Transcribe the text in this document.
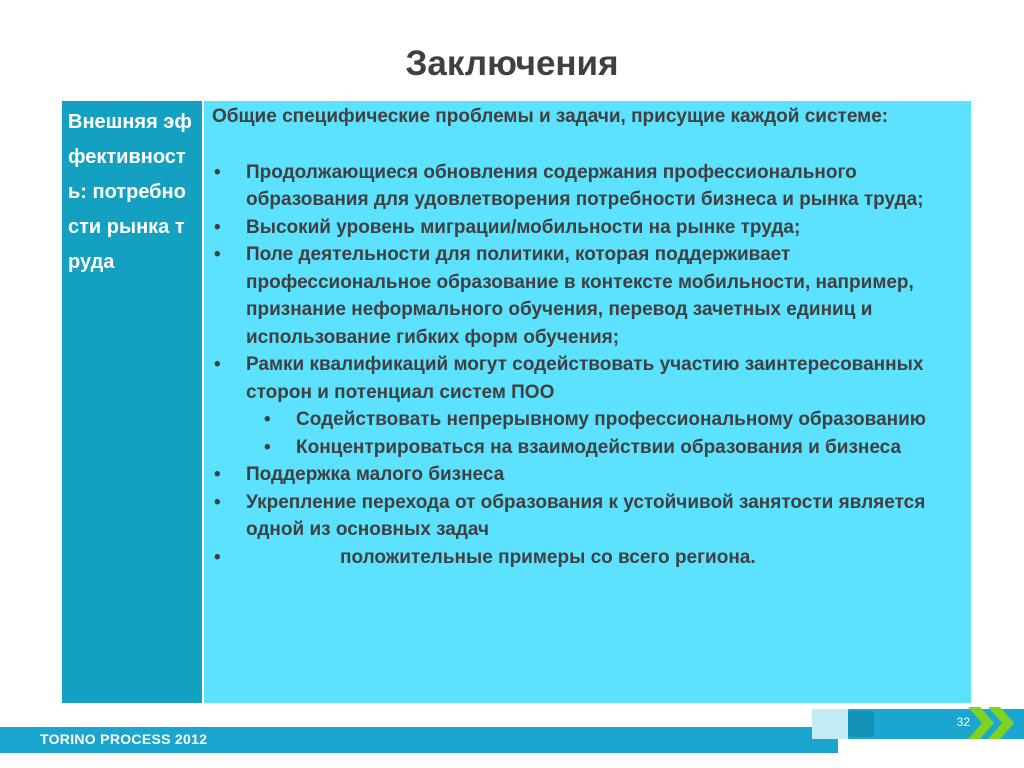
Заключения
Внешняя эффективность: потребности рынка труда
Общие специфические проблемы и задачи, присущие каждой системе:
• Продолжающиеся обновления содержания профессионального образования для удовлетворения потребности бизнеса и рынка труда;
• Высокий уровень миграции/мобильности на рынке труда;
• Поле деятельности для политики, которая поддерживает профессиональное образование в контексте мобильности, например, признание неформального обучения, перевод зачетных единиц и использование гибких форм обучения;
• Рамки квалификаций могут содействовать участию заинтересованных сторон и потенциал систем ПОО
• Содействовать непрерывному профессиональному образованию
• Концентрироваться на взаимодействии образования и бизнеса
• Поддержка малого бизнеса
• Укрепление перехода от образования к устойчивой занятости является одной из основных задач
• положительные примеры со всего региона.
TORINO PROCESS 2012
32
